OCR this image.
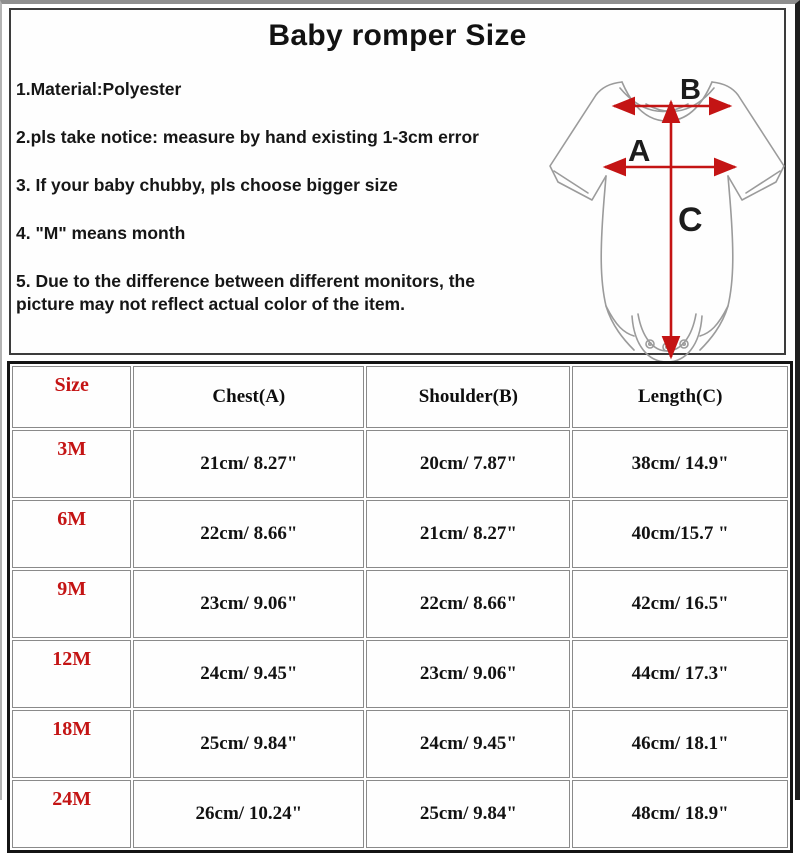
Baby romper Size
1.Material:Polyester
2.pls take notice: measure by hand existing 1-3cm error
3. If your baby chubby, pls choose bigger size
4. "M" means month
5. Due to the difference between different monitors, the picture may not reflect actual color of the item.
B
A
C
Size	Chest(A)	Shoulder(B)	Length(C)
3M	21cm/ 8.27"	20cm/ 7.87"	38cm/ 14.9"
6M	22cm/ 8.66"	21cm/ 8.27"	40cm/15.7 "
9M	23cm/ 9.06"	22cm/ 8.66"	42cm/ 16.5"
12M	24cm/ 9.45"	23cm/ 9.06"	44cm/ 17.3"
18M	25cm/ 9.84"	24cm/ 9.45"	46cm/ 18.1"
24M	26cm/ 10.24"	25cm/ 9.84"	48cm/ 18.9"
